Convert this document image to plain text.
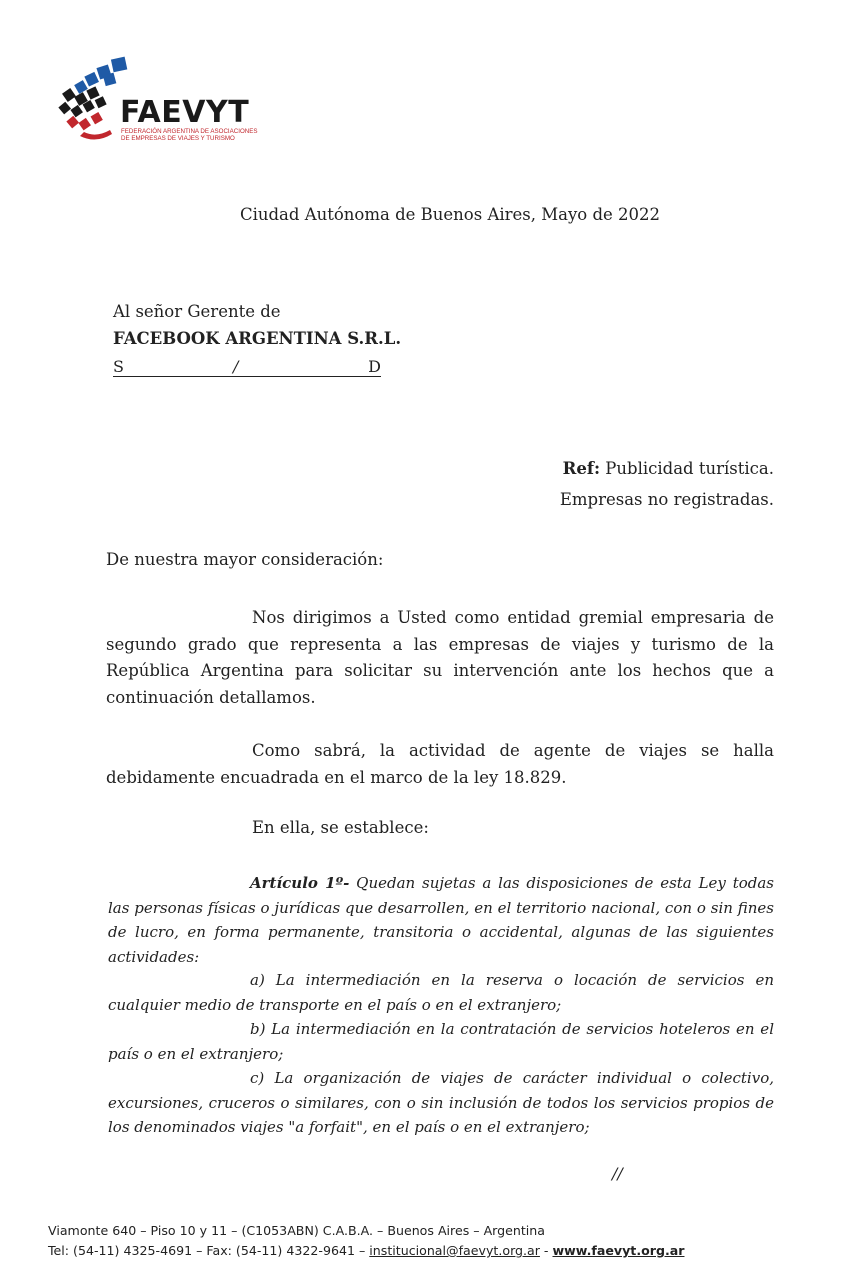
FAEVYT
FEDERACIÓN ARGENTINA DE ASOCIACIONES
DE EMPRESAS DE VIAJES Y TURISMO
Ciudad Autónoma de Buenos Aires, Mayo de 2022
Al señor Gerente de
FACEBOOK ARGENTINA S.R.L.
S	/	D
Ref: Publicidad turística.
Empresas no registradas.
De nuestra mayor consideración:
Nos dirigimos a Usted como entidad gremial empresaria de segundo grado que representa a las empresas de viajes y turismo de la República Argentina para solicitar su intervención ante los hechos que a continuación detallamos.
Como sabrá, la actividad de agente de viajes se halla debidamente encuadrada en el marco de la ley 18.829.
En ella, se establece:
Artículo 1º- Quedan sujetas a las disposiciones de esta Ley todas las personas físicas o jurídicas que desarrollen, en el territorio nacional, con o sin fines de lucro, en forma permanente, transitoria o accidental, algunas de las siguientes actividades:
a) La intermediación en la reserva o locación de servicios en cualquier medio de transporte en el país o en el extranjero;
b) La intermediación en la contratación de servicios hoteleros en el país o en el extranjero;
c) La organización de viajes de carácter individual o colectivo, excursiones, cruceros o similares, con o sin inclusión de todos los servicios propios de los denominados viajes "a forfait", en el país o en el extranjero;
//
Viamonte 640 – Piso 10 y 11 – (C1053ABN) C.A.B.A. – Buenos Aires – Argentina
Tel: (54-11) 4325-4691 – Fax: (54-11) 4322-9641 – institucional@faevyt.org.ar - www.faevyt.org.ar
